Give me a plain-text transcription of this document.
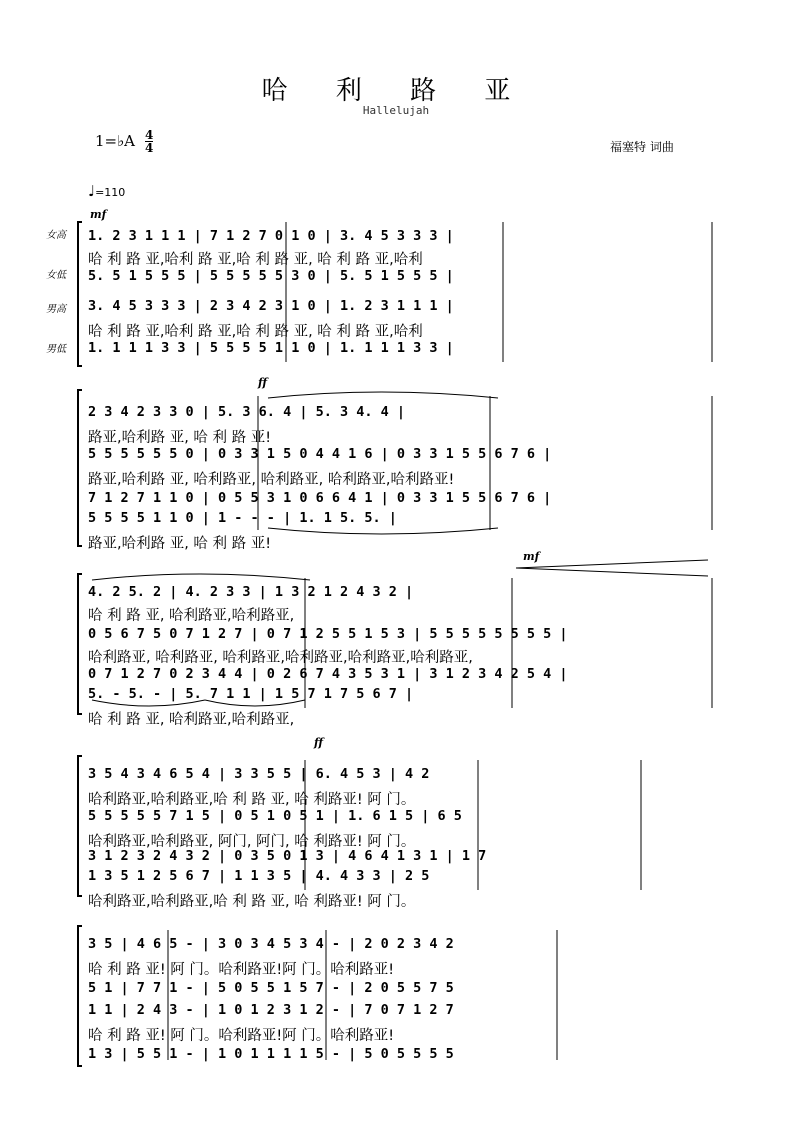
哈 利 路 亚
Hallelujah
1=♭A 4
4	福塞特 词曲
♩=110
女高
女低
男高
男低
mf
ff
mf
ff
1. 2 3 1 1 1 | 7 1 2 7 0 1 0 | 3. 4 5 3 3 3 |
哈 利 路 亚,哈利 路 亚,哈 利 路 亚, 哈 利 路 亚,哈利
5. 5 1 5 5 5 | 5 5 5 5 5 3 0 | 5. 5 1 5 5 5 |
3. 4 5 3 3 3 | 2 3 4 2 3 1 0 | 1. 2 3 1 1 1 |
哈 利 路 亚,哈利 路 亚,哈 利 路 亚, 哈 利 路 亚,哈利
1. 1 1 1 3 3 | 5 5 5 5 1 1 0 | 1. 1 1 1 3 3 |
2 3 4 2 3 3 0 | 5. 3 6. 4 | 5. 3 4. 4 |
路亚,哈利路 亚, 哈 利 路 亚!
5 5 5 5 5 5 0 | 0 3 3 1 5 0 4 4 1 6 | 0 3 3 1 5 5 6 7 6 |
路亚,哈利路 亚, 哈利路亚, 哈利路亚, 哈利路亚,哈利路亚!
7 1 2 7 1 1 0 | 0 5 5 3 1 0 6 6 4 1 | 0 3 3 1 5 5 6 7 6 |
5 5 5 5 1 1 0 | 1 - - - | 1. 1 5. 5. |
路亚,哈利路 亚, 哈 利 路 亚!
4. 2 5. 2 | 4. 2 3 3 | 1 3 2 1 2 4 3 2 |
哈 利 路 亚, 哈利路亚,哈利路亚,
0 5 6 7 5 0 7 1 2 7 | 0 7 1 2 5 5 1 5 3 | 5 5 5 5 5 5 5 5 |
哈利路亚, 哈利路亚, 哈利路亚,哈利路亚,哈利路亚,哈利路亚,
0 7 1 2 7 0 2 3 4 4 | 0 2 6 7 4 3 5 3 1 | 3 1 2 3 4 2 5 4 |
5. - 5. - | 5. 7 1 1 | 1 5 7 1 7 5 6 7 |
哈 利 路 亚, 哈利路亚,哈利路亚,
3 5 4 3 4 6 5 4 | 3 3 5 5 | 6. 4 5 3 | 4 2
哈利路亚,哈利路亚,哈 利 路 亚, 哈 利路亚! 阿 门。
5 5 5 5 5 7 1 5 | 0 5 1 0 5 1 | 1. 6 1 5 | 6 5
哈利路亚,哈利路亚, 阿门, 阿门, 哈 利路亚! 阿 门。
3 1 2 3 2 4 3 2 | 0 3 5 0 1 3 | 4 6 4 1 3 1 | 1 7
1 3 5 1 2 5 6 7 | 1 1 3 5 | 4. 4 3 3 | 2 5
哈利路亚,哈利路亚,哈 利 路 亚, 哈 利路亚! 阿 门。
3 5 | 4 6 5 - | 3 0 3 4 5 3 4 - | 2 0 2 3 4 2
哈 利 路 亚! 阿 门。哈利路亚!阿 门。哈利路亚!
5 1 | 7 7 1 - | 5 0 5 5 1 5 7 - | 2 0 5 5 7 5
1 1 | 2 4 3 - | 1 0 1 2 3 1 2 - | 7 0 7 1 2 7
哈 利 路 亚! 阿 门。哈利路亚!阿 门。哈利路亚!
1 3 | 5 5 1 - | 1 0 1 1 1 1 5 - | 5 0 5 5 5 5
